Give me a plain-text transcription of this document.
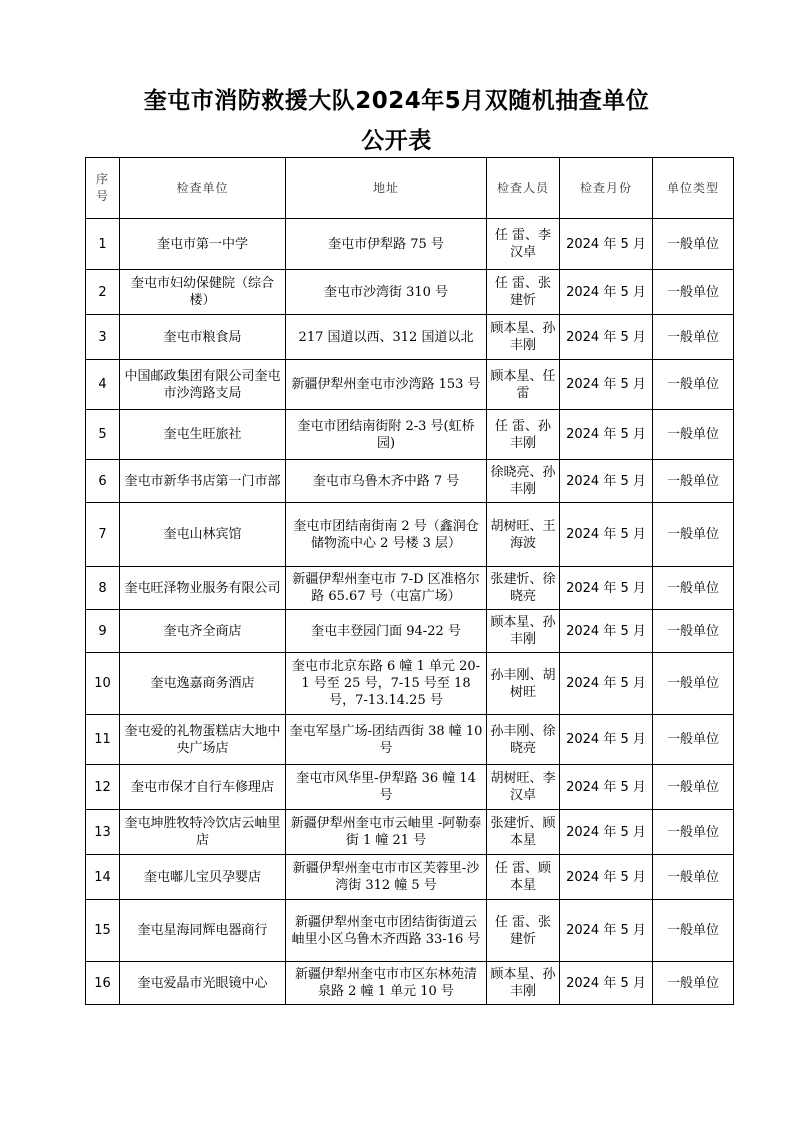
奎屯市消防救援大队2024年5月双随机抽查单位
公开表
序号	检查单位	地址	检查人员	检查月份	单位类型
1	奎屯市第一中学	奎屯市伊犁路 75 号	任 雷、李汉卓	2024 年 5 月	一般单位
2	奎屯市妇幼保健院（综合楼）	奎屯市沙湾街 310 号	任 雷、张建忻	2024 年 5 月	一般单位
3	奎屯市粮食局	217 国道以西、312 国道以北	顾本星、孙丰刚	2024 年 5 月	一般单位
4	中国邮政集团有限公司奎屯市沙湾路支局	新疆伊犁州奎屯市沙湾路 153 号	顾本星、任 雷	2024 年 5 月	一般单位
5	奎屯生旺旅社	奎屯市团结南街附 2-3 号(虹桥园)	任 雷、孙丰刚	2024 年 5 月	一般单位
6	奎屯市新华书店第一门市部	奎屯市乌鲁木齐中路 7 号	徐晓亮、孙丰刚	2024 年 5 月	一般单位
7	奎屯山林宾馆	奎屯市团结南街南 2 号（鑫润仓储物流中心 2 号楼 3 层）	胡树旺、王海波	2024 年 5 月	一般单位
8	奎屯旺泽物业服务有限公司	新疆伊犁州奎屯市 7-D 区准格尔路 65.67 号（屯富广场）	张建忻、徐晓亮	2024 年 5 月	一般单位
9	奎屯齐全商店	奎屯丰登园门面 94-22 号	顾本星、孙丰刚	2024 年 5 月	一般单位
10	奎屯逸嘉商务酒店	奎屯市北京东路 6 幢 1 单元 20-1 号至 25 号，7-15 号至 18 号，7-13.14.25 号	孙丰刚、胡树旺	2024 年 5 月	一般单位
11	奎屯爱的礼物蛋糕店大地中央广场店	奎屯军垦广场-团结西街 38 幢 10 号	孙丰刚、徐晓亮	2024 年 5 月	一般单位
12	奎屯市保才自行车修理店	奎屯市风华里-伊犁路 36 幢 14 号	胡树旺、李汉卓	2024 年 5 月	一般单位
13	奎屯坤胜牧特冷饮店云岫里店	新疆伊犁州奎屯市云岫里 -阿勒泰街 1 幢 21 号	张建忻、顾本星	2024 年 5 月	一般单位
14	奎屯嘟儿宝贝孕婴店	新疆伊犁州奎屯市市区芙蓉里-沙湾街 312 幢 5 号	任 雷、顾本星	2024 年 5 月	一般单位
15	奎屯星海同辉电器商行	新疆伊犁州奎屯市团结街街道云岫里小区乌鲁木齐西路 33-16 号	任 雷、张建忻	2024 年 5 月	一般单位
16	奎屯爱晶市光眼镜中心	新疆伊犁州奎屯市市区东林苑清泉路 2 幢 1 单元 10 号	顾本星、孙丰刚	2024 年 5 月	一般单位
